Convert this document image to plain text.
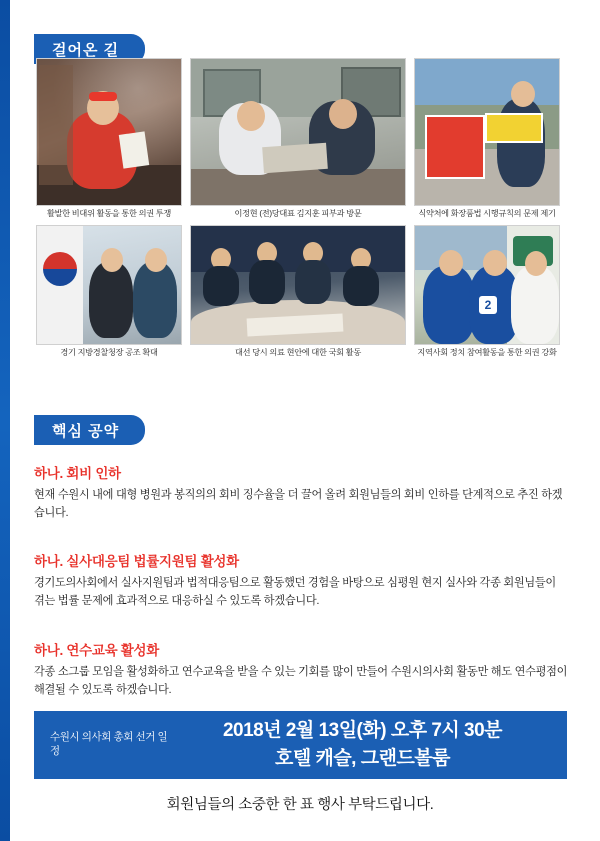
걸어온 길
활발한 비대위 활동을 통한 의권 투쟁	이정현 (전)당대표 김지훈 피부과 방문	식약처에 화장품법 시행규칙의 문제 제기
경기 지방경찰청장 공조 확대	대선 당시 의료 현안에 대한 국회 활동
2
지역사회 정치 참여활동을 통한 의권 강화
핵심 공약
하나. 회비 인하
현재 수원시 내에 대형 병원과 봉직의의 회비 징수율을 더 끌어 올려 회원님들의 회비 인하를 단계적으로 추진 하겠습니다.
하나. 실사대응팀 법률지원팀 활성화
경기도의사회에서 실사지원팀과 법적대응팀으로 활동했던 경험을 바탕으로 심평원 현지 실사와 각종 회원님들이 겪는 법률 문제에 효과적으로 대응하실 수 있도록 하겠습니다.
하나. 연수교육 활성화
각종 소그룹 모임을 활성화하고 연수교육을 받을 수 있는 기회를 많이 만들어 수원시의사회 활동만 해도 연수평점이 해결될 수 있도록 하겠습니다.
수원시 의사회 총회 선거 일정
2018년 2월 13일(화) 오후 7시 30분
호텔 캐슬, 그랜드볼룸
회원님들의 소중한 한 표 행사 부탁드립니다.
